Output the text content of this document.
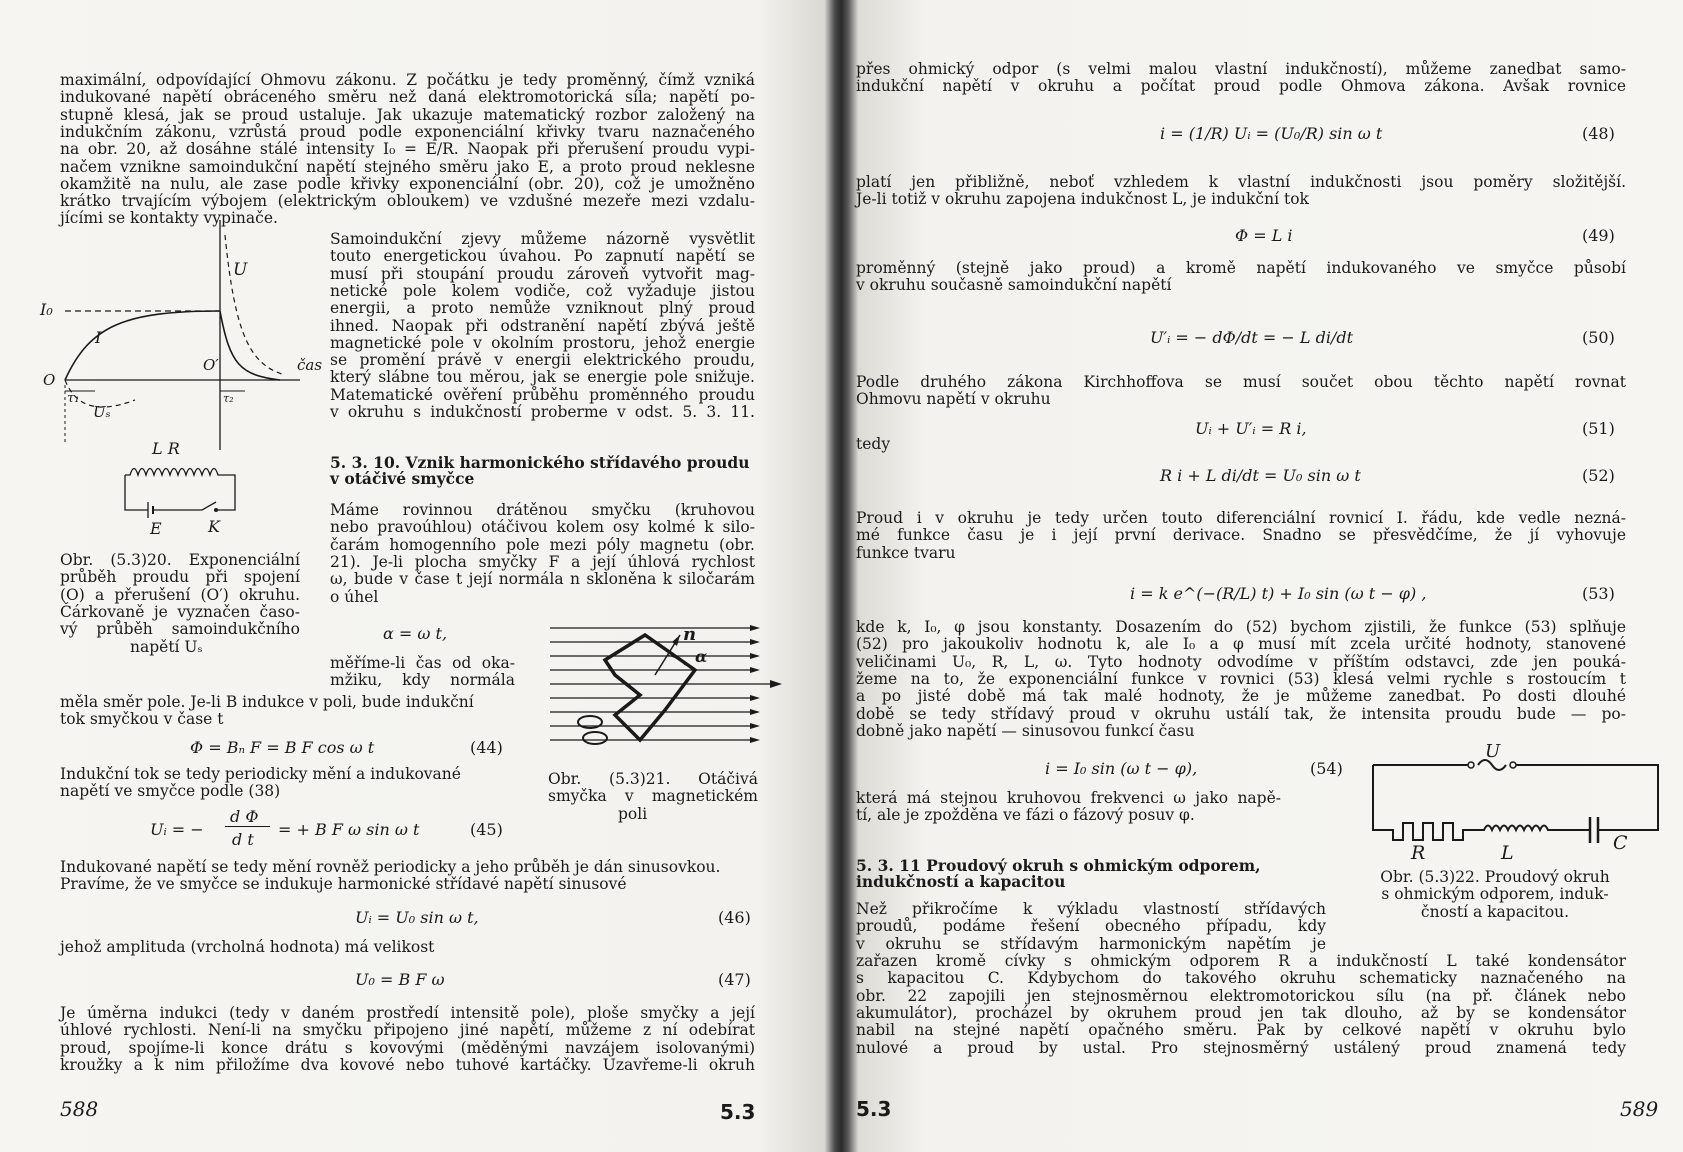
maximální, odpovídající Ohmovu zákonu. Z počátku je tedy proměnný, čímž vzniká
indukované napětí obráceného směru než daná elektromotorická síla; napětí po-
stupně klesá, jak se proud ustaluje. Jak ukazuje matematický rozbor založený na
indukčním zákonu, vzrůstá proud podle exponenciální křivky tvaru naznačeného
na obr. 20, až dosáhne stálé intensity I₀ = E/R. Naopak při přerušení proudu vypi-
načem vznikne samoindukční napětí stejného směru jako E, a proto proud neklesne
okamžitě na nulu, ale zase podle křivky exponenciální (obr. 20), což je umožněno
krátko trvajícím výbojem (elektrickým obloukem) ve vzdušné mezeře mezi vzdalu-
jícími se kontakty vypinače.
Samoindukční zjevy můžeme názorně vysvětlit
touto energetickou úvahou. Po zapnutí napětí se
musí při stoupání proudu zároveň vytvořit mag-
netické pole kolem vodiče, což vyžaduje jistou
energii, a proto nemůže vzniknout plný proud
ihned. Naopak při odstranění napětí zbývá ještě
magnetické pole v okolním prostoru, jehož energie
se promění právě v energii elektrického proudu,
který slábne tou měrou, jak se energie pole snižuje.
Matematické ověření průběhu proměnného proudu
v okruhu s indukčností proberme v odst. 5. 3. 11.
I₀
I
O
O′
U
Uₛ
τ₁	τ₂
čas
L R
E	K
Obr. (5.3)20. Exponenciální
průběh proudu při spojení
(O) a přerušení (O′) okruhu.
Čárkovaně je vyznačen časo-
vý průběh samoindukčního
napětí Uₛ
5. 3. 10. Vznik harmonického střídavého proudu
v otáčivé smyčce
Máme rovinnou drátěnou smyčku (kruhovou
nebo pravoúhlou) otáčivou kolem osy kolmé k silo-
čarám homogenního pole mezi póly magnetu (obr.
21). Je-li plocha smyčky F a její úhlová rychlost
ω, bude v čase t její normála n skloněna k siločarám
o úhel
α = ω t,
měříme-li čas od oka-
mžiku, kdy normála
n
α
Obr. (5.3)21. Otáčivá
smyčka v magnetickém
poli
měla směr pole. Je-li B indukce v poli, bude indukční
tok smyčkou v čase t
Φ = Bₙ F = B F cos ω t	(44)
Indukční tok se tedy periodicky mění a indukované
napětí ve smyčce podle (38)
Uᵢ = −
d Φ
d t
= + B F ω sin ω t	(45)
Indukované napětí se tedy mění rovněž periodicky a jeho průběh je dán sinusovkou.
Pravíme, že ve smyčce se indukuje harmonické střídavé napětí sinusové
Uᵢ = U₀ sin ω t,	(46)
jehož amplituda (vrcholná hodnota) má velikost
U₀ = B F ω	(47)
Je úměrna indukci (tedy v daném prostředí intensitě pole), ploše smyčky a její
úhlové rychlosti. Není-li na smyčku připojeno jiné napětí, můžeme z ní odebírat
proud, spojíme-li konce drátu s kovovými (měděnými navzájem isolovanými)
kroužky a k nim přiložíme dva kovové nebo tuhové kartáčky. Uzavřeme-li okruh
588	5.3
přes ohmický odpor (s velmi malou vlastní indukčností), můžeme zanedbat samo-
indukční napětí v okruhu a počítat proud podle Ohmova zákona. Avšak rovnice
i = (1/R) Uᵢ = (U₀/R) sin ω t	(48)
platí jen přibližně, neboť vzhledem k vlastní indukčnosti jsou poměry složitější.
Je-li totiž v okruhu zapojena indukčnost L, je indukční tok
Φ = L i	(49)
proměnný (stejně jako proud) a kromě napětí indukovaného ve smyčce působí
v okruhu současně samoindukční napětí
U′ᵢ = − dΦ/dt = − L di/dt	(50)
Podle druhého zákona Kirchhoffova se musí součet obou těchto napětí rovnat
Ohmovu napětí v okruhu
Uᵢ + U′ᵢ = R i,	(51)
tedy
R i + L di/dt = U₀ sin ω t	(52)
Proud i v okruhu je tedy určen touto diferenciální rovnicí I. řádu, kde vedle nezná-
mé funkce času je i její první derivace. Snadno se přesvědčíme, že jí vyhovuje
funkce tvaru
i = k e^(−(R/L) t) + I₀ sin (ω t − φ) ,	(53)
kde k, I₀, φ jsou konstanty. Dosazením do (52) bychom zjistili, že funkce (53) splňuje
(52) pro jakoukoliv hodnotu k, ale I₀ a φ musí mít zcela určité hodnoty, stanovené
veličinami U₀, R, L, ω. Tyto hodnoty odvodíme v příštím odstavci, zde jen pouká-
žeme na to, že exponenciální funkce v rovnici (53) klesá velmi rychle s rostoucím t
a po jisté době má tak malé hodnoty, že je můžeme zanedbat. Po dosti dlouhé
době se tedy střídavý proud v okruhu ustálí tak, že intensita proudu bude — po-
dobně jako napětí — sinusovou funkcí času
i = I₀ sin (ω t − φ),	(54)
která má stejnou kruhovou frekvenci ω jako napě-
tí, ale je zpožděna ve fázi o fázový posuv φ.
5. 3. 11 Proudový okruh s ohmickým odporem,
indukčností a kapacitou
U
R	L	C
Obr. (5.3)22. Proudový okruh
s ohmickým odporem, induk-
čností a kapacitou.
Než přikročíme k výkladu vlastností střídavých
proudů, podáme řešení obecného případu, kdy
v okruhu se střídavým harmonickým napětím je
zařazen kromě cívky s ohmickým odporem R a indukčností L také kondensátor
s kapacitou C. Kdybychom do takového okruhu schematicky naznačeného na
obr. 22 zapojili jen stejnosměrnou elektromotorickou sílu (na př. článek nebo
akumulátor), procházel by okruhem proud jen tak dlouho, až by se kondensátor
nabil na stejné napětí opačného směru. Pak by celkové napětí v okruhu bylo
nulové a proud by ustal. Pro stejnosměrný ustálený proud znamená tedy
5.3	589
